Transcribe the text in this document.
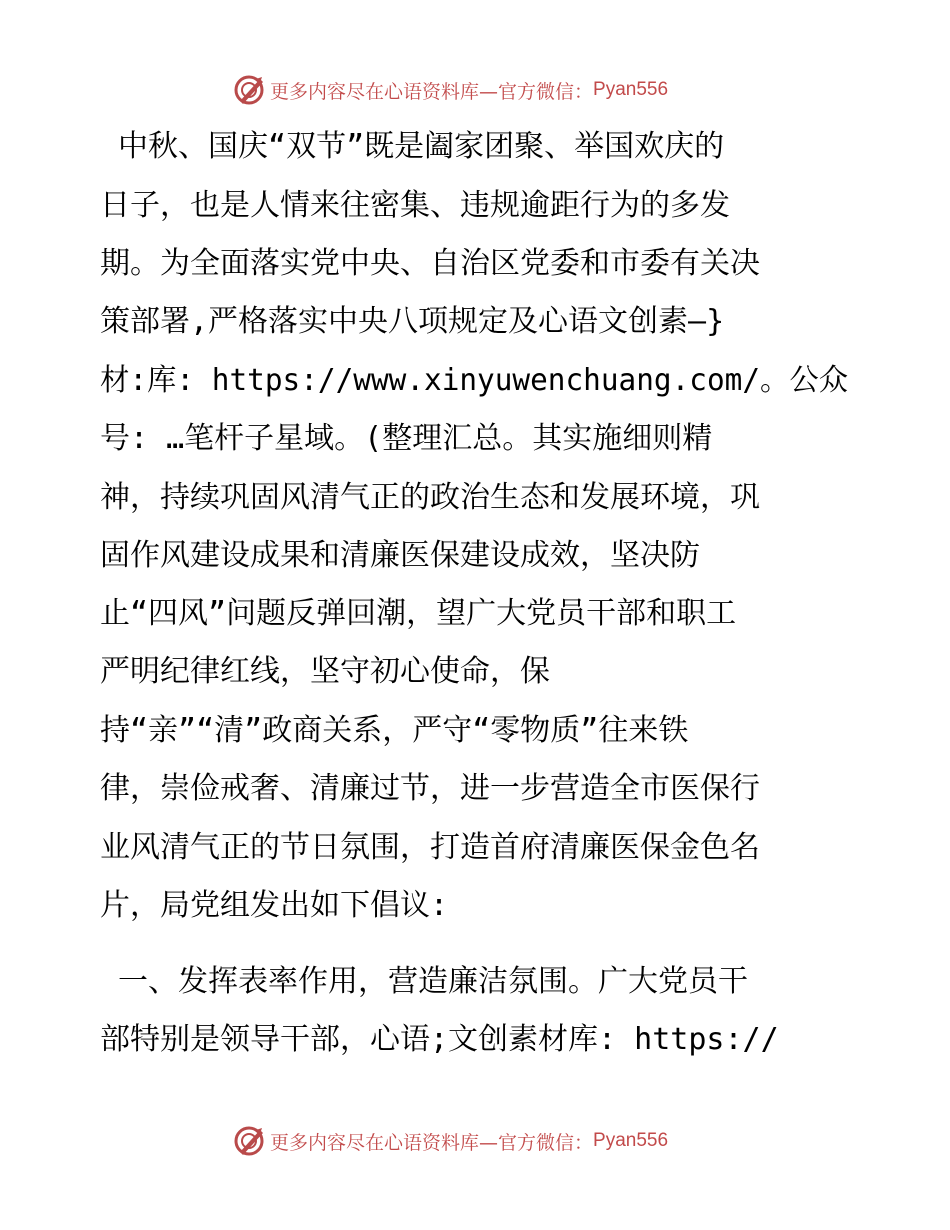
更多内容尽在心语资料库—官方微信： Pyan556
中秋、国庆“双节”既是阖家团聚、举国欢庆的
日子，也是人情来往密集、违规逾距行为的多发
期。为全面落实党中央、自治区党委和市委有关决
策部署,严格落实中央八项规定及心语文创素—}
材:库: https://www.xinyuwenchuang.com/。公众
号: …笔杆子星域。(整理汇总。其实施细则精
神，持续巩固风清气正的政治生态和发展环境，巩
固作风建设成果和清廉医保建设成效，坚决防
止“四风”问题反弹回潮，望广大党员干部和职工
严明纪律红线，坚守初心使命，保
持“亲”“清”政商关系，严守“零物质”往来铁
律，崇俭戒奢、清廉过节，进一步营造全市医保行
业风清气正的节日氛围，打造首府清廉医保金色名
片，局党组发出如下倡议:
一、发挥表率作用，营造廉洁氛围。广大党员干
部特别是领导干部，心语;文创素材库: https://
更多内容尽在心语资料库—官方微信： Pyan556
